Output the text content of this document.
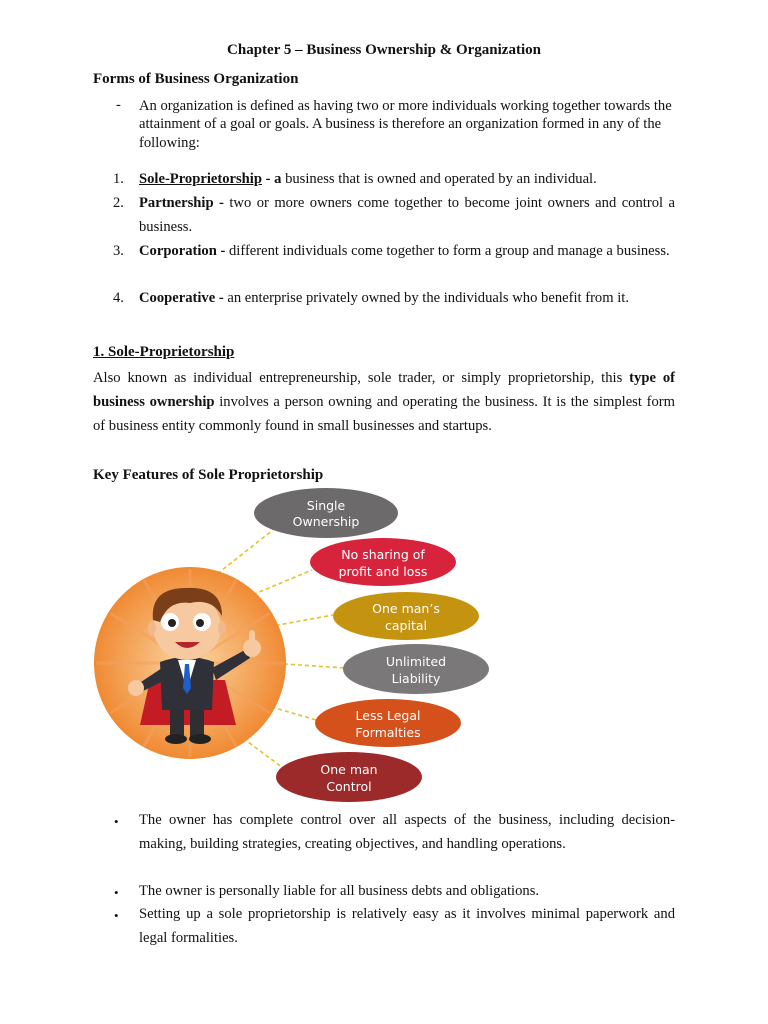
Chapter 5 – Business Ownership & Organization
Forms of Business Organization
- An organization is defined as having two or more individuals working together towards the attainment of a goal or goals. A business is therefore an organization formed in any of the following:
1. Sole-Proprietorship - a business that is owned and operated by an individual.
2. Partnership - two or more owners come together to become joint owners and control a business.
3. Corporation - different individuals come together to form a group and manage a business.
4. Cooperative - an enterprise privately owned by the individuals who benefit from it.
1. Sole-Proprietorship
Also known as individual entrepreneurship, sole trader, or simply proprietorship, this type of business ownership involves a person owning and operating the business. It is the simplest form of business entity commonly found in small businesses and startups.
Key Features of Sole Proprietorship
Single
Ownership
No sharing of
profit and loss
One man’s
capital
Unlimited
Liability
Less Legal
Formalties
One man
Control
• The owner has complete control over all aspects of the business, including decision-making, building strategies, creating objectives, and handling operations.
• The owner is personally liable for all business debts and obligations.
• Setting up a sole proprietorship is relatively easy as it involves minimal paperwork and legal formalities.
